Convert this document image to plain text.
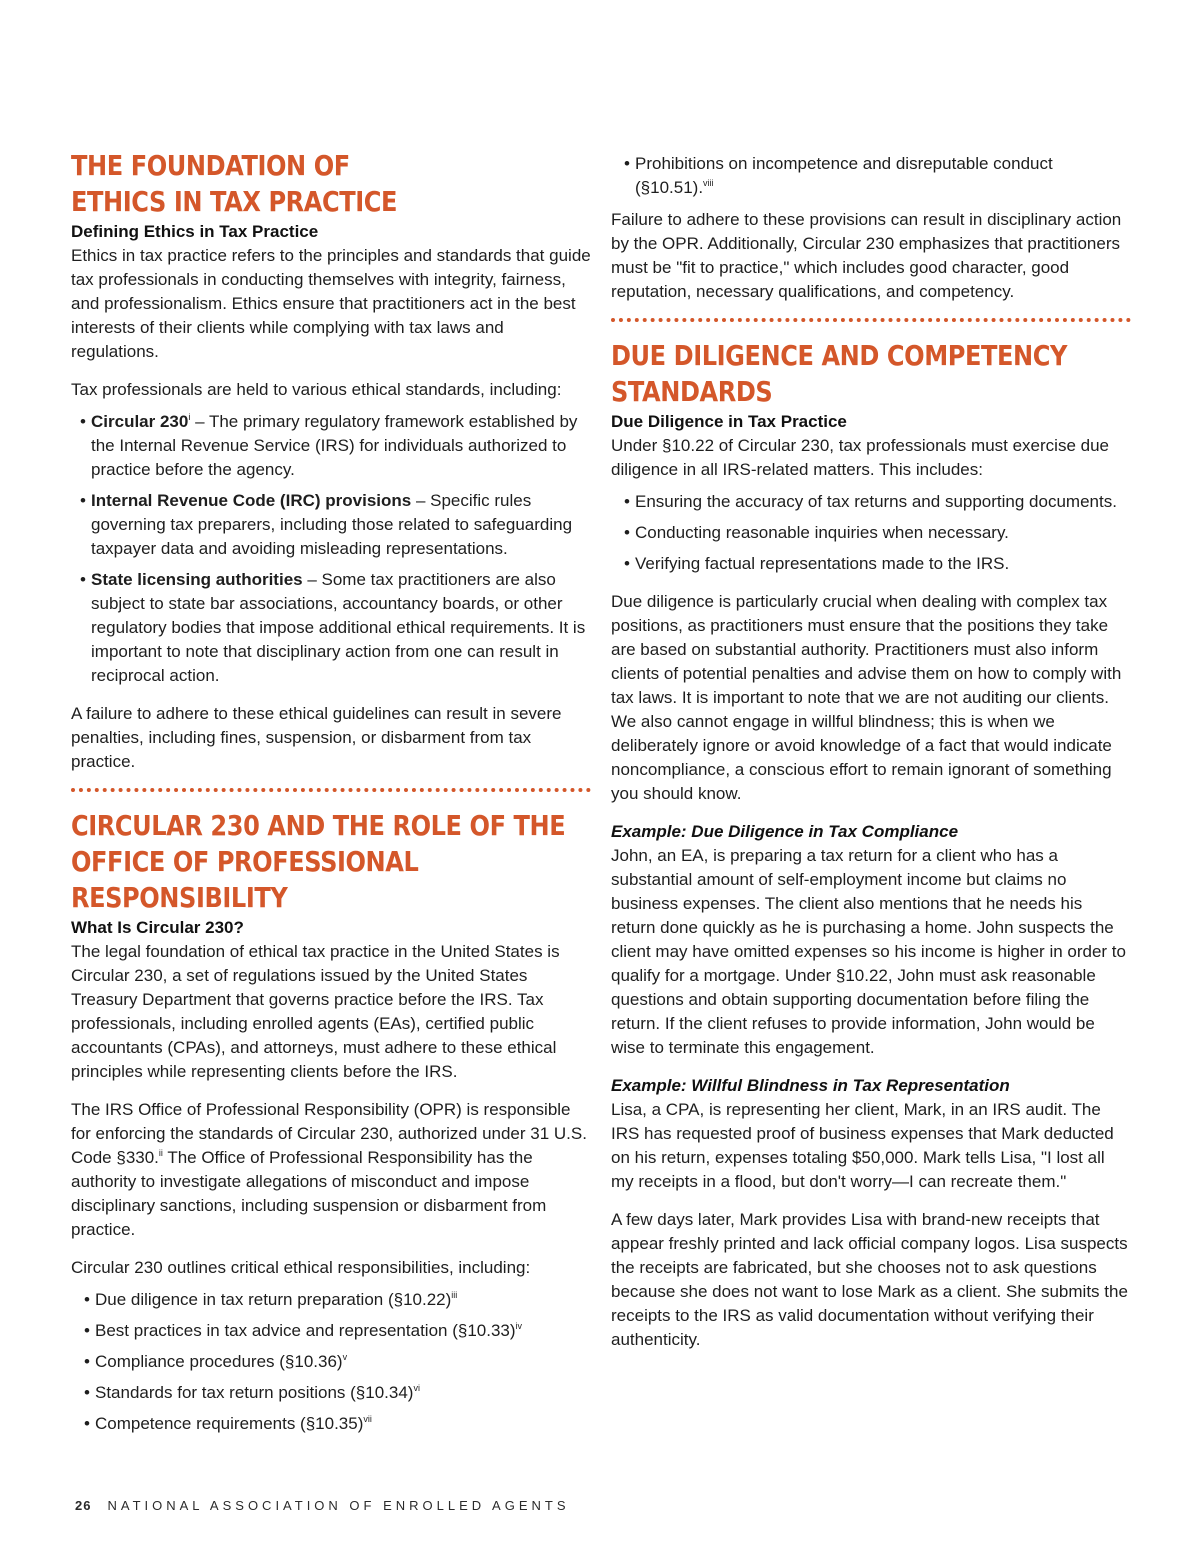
THE FOUNDATION OF
ETHICS IN TAX PRACTICE
Defining Ethics in Tax Practice

Ethics in tax practice refers to the principles and standards that guide tax professionals in conducting themselves with integrity, fairness, and professionalism. Ethics ensure that practitioners act in the best interests of their clients while complying with tax laws and regulations.

Tax professionals are held to various ethical standards, including:

• Circular 230$^i$ – The primary regulatory framework established by the Internal Revenue Service (IRS) for individuals authorized to practice before the agency.
• Internal Revenue Code (IRC) provisions – Specific rules governing tax preparers, including those related to safeguarding taxpayer data and avoiding misleading representations.
• State licensing authorities – Some tax practitioners are also subject to state bar associations, accountancy boards, or other regulatory bodies that impose additional ethical requirements. It is important to note that disciplinary action from one can result in reciprocal action.

A failure to adhere to these ethical guidelines can result in severe penalties, including fines, suspension, or disbarment from tax practice.

CIRCULAR 230 AND THE ROLE OF THE OFFICE OF PROFESSIONAL RESPONSIBILITY
What Is Circular 230?

The legal foundation of ethical tax practice in the United States is Circular 230, a set of regulations issued by the United States Treasury Department that governs practice before the IRS. Tax professionals, including enrolled agents (EAs), certified public accountants (CPAs), and attorneys, must adhere to these ethical principles while representing clients before the IRS.

The IRS Office of Professional Responsibility (OPR) is responsible for enforcing the standards of Circular 230, authorized under 31 U.S. Code §330.$^{ii}$ The Office of Professional Responsibility has the authority to investigate allegations of misconduct and impose disciplinary sanctions, including suspension or disbarment from practice.

Circular 230 outlines critical ethical responsibilities, including:

• Due diligence in tax return preparation (§10.22)$^{iii}$
• Best practices in tax advice and representation (§10.33)$^{iv}$
• Compliance procedures (§10.36)$^v$
• Standards for tax return positions (§10.34)$^{vi}$
• Competence requirements (§10.35)$^{vii}$
• Prohibitions on incompetence and disreputable conduct (§10.51).$^{viii}$

Failure to adhere to these provisions can result in disciplinary action by the OPR. Additionally, Circular 230 emphasizes that practitioners must be "fit to practice," which includes good character, good reputation, necessary qualifications, and competency.

DUE DILIGENCE AND COMPETENCY STANDARDS
Due Diligence in Tax Practice

Under §10.22 of Circular 230, tax professionals must exercise due diligence in all IRS-related matters. This includes:

• Ensuring the accuracy of tax returns and supporting documents.
• Conducting reasonable inquiries when necessary.
• Verifying factual representations made to the IRS.

Due diligence is particularly crucial when dealing with complex tax positions, as practitioners must ensure that the positions they take are based on substantial authority. Practitioners must also inform clients of potential penalties and advise them on how to comply with tax laws. It is important to note that we are not auditing our clients. We also cannot engage in willful blindness; this is when we deliberately ignore or avoid knowledge of a fact that would indicate noncompliance, a conscious effort to remain ignorant of something you should know.

Example: Due Diligence in Tax Compliance

John, an EA, is preparing a tax return for a client who has a substantial amount of self-employment income but claims no business expenses. The client also mentions that he needs his return done quickly as he is purchasing a home. John suspects the client may have omitted expenses so his income is higher in order to qualify for a mortgage. Under §10.22, John must ask reasonable questions and obtain supporting documentation before filing the return. If the client refuses to provide information, John would be wise to terminate this engagement.

Example: Willful Blindness in Tax Representation

Lisa, a CPA, is representing her client, Mark, in an IRS audit. The IRS has requested proof of business expenses that Mark deducted on his return, expenses totaling $50,000. Mark tells Lisa, "I lost all my receipts in a flood, but don't worry—I can recreate them."

A few days later, Mark provides Lisa with brand-new receipts that appear freshly printed and lack official company logos. Lisa suspects the receipts are fabricated, but she chooses not to ask questions because she does not want to lose Mark as a client. She submits the receipts to the IRS as valid documentation without verifying their authenticity.

26 NATIONAL ASSOCIATION OF ENROLLED AGENTS
